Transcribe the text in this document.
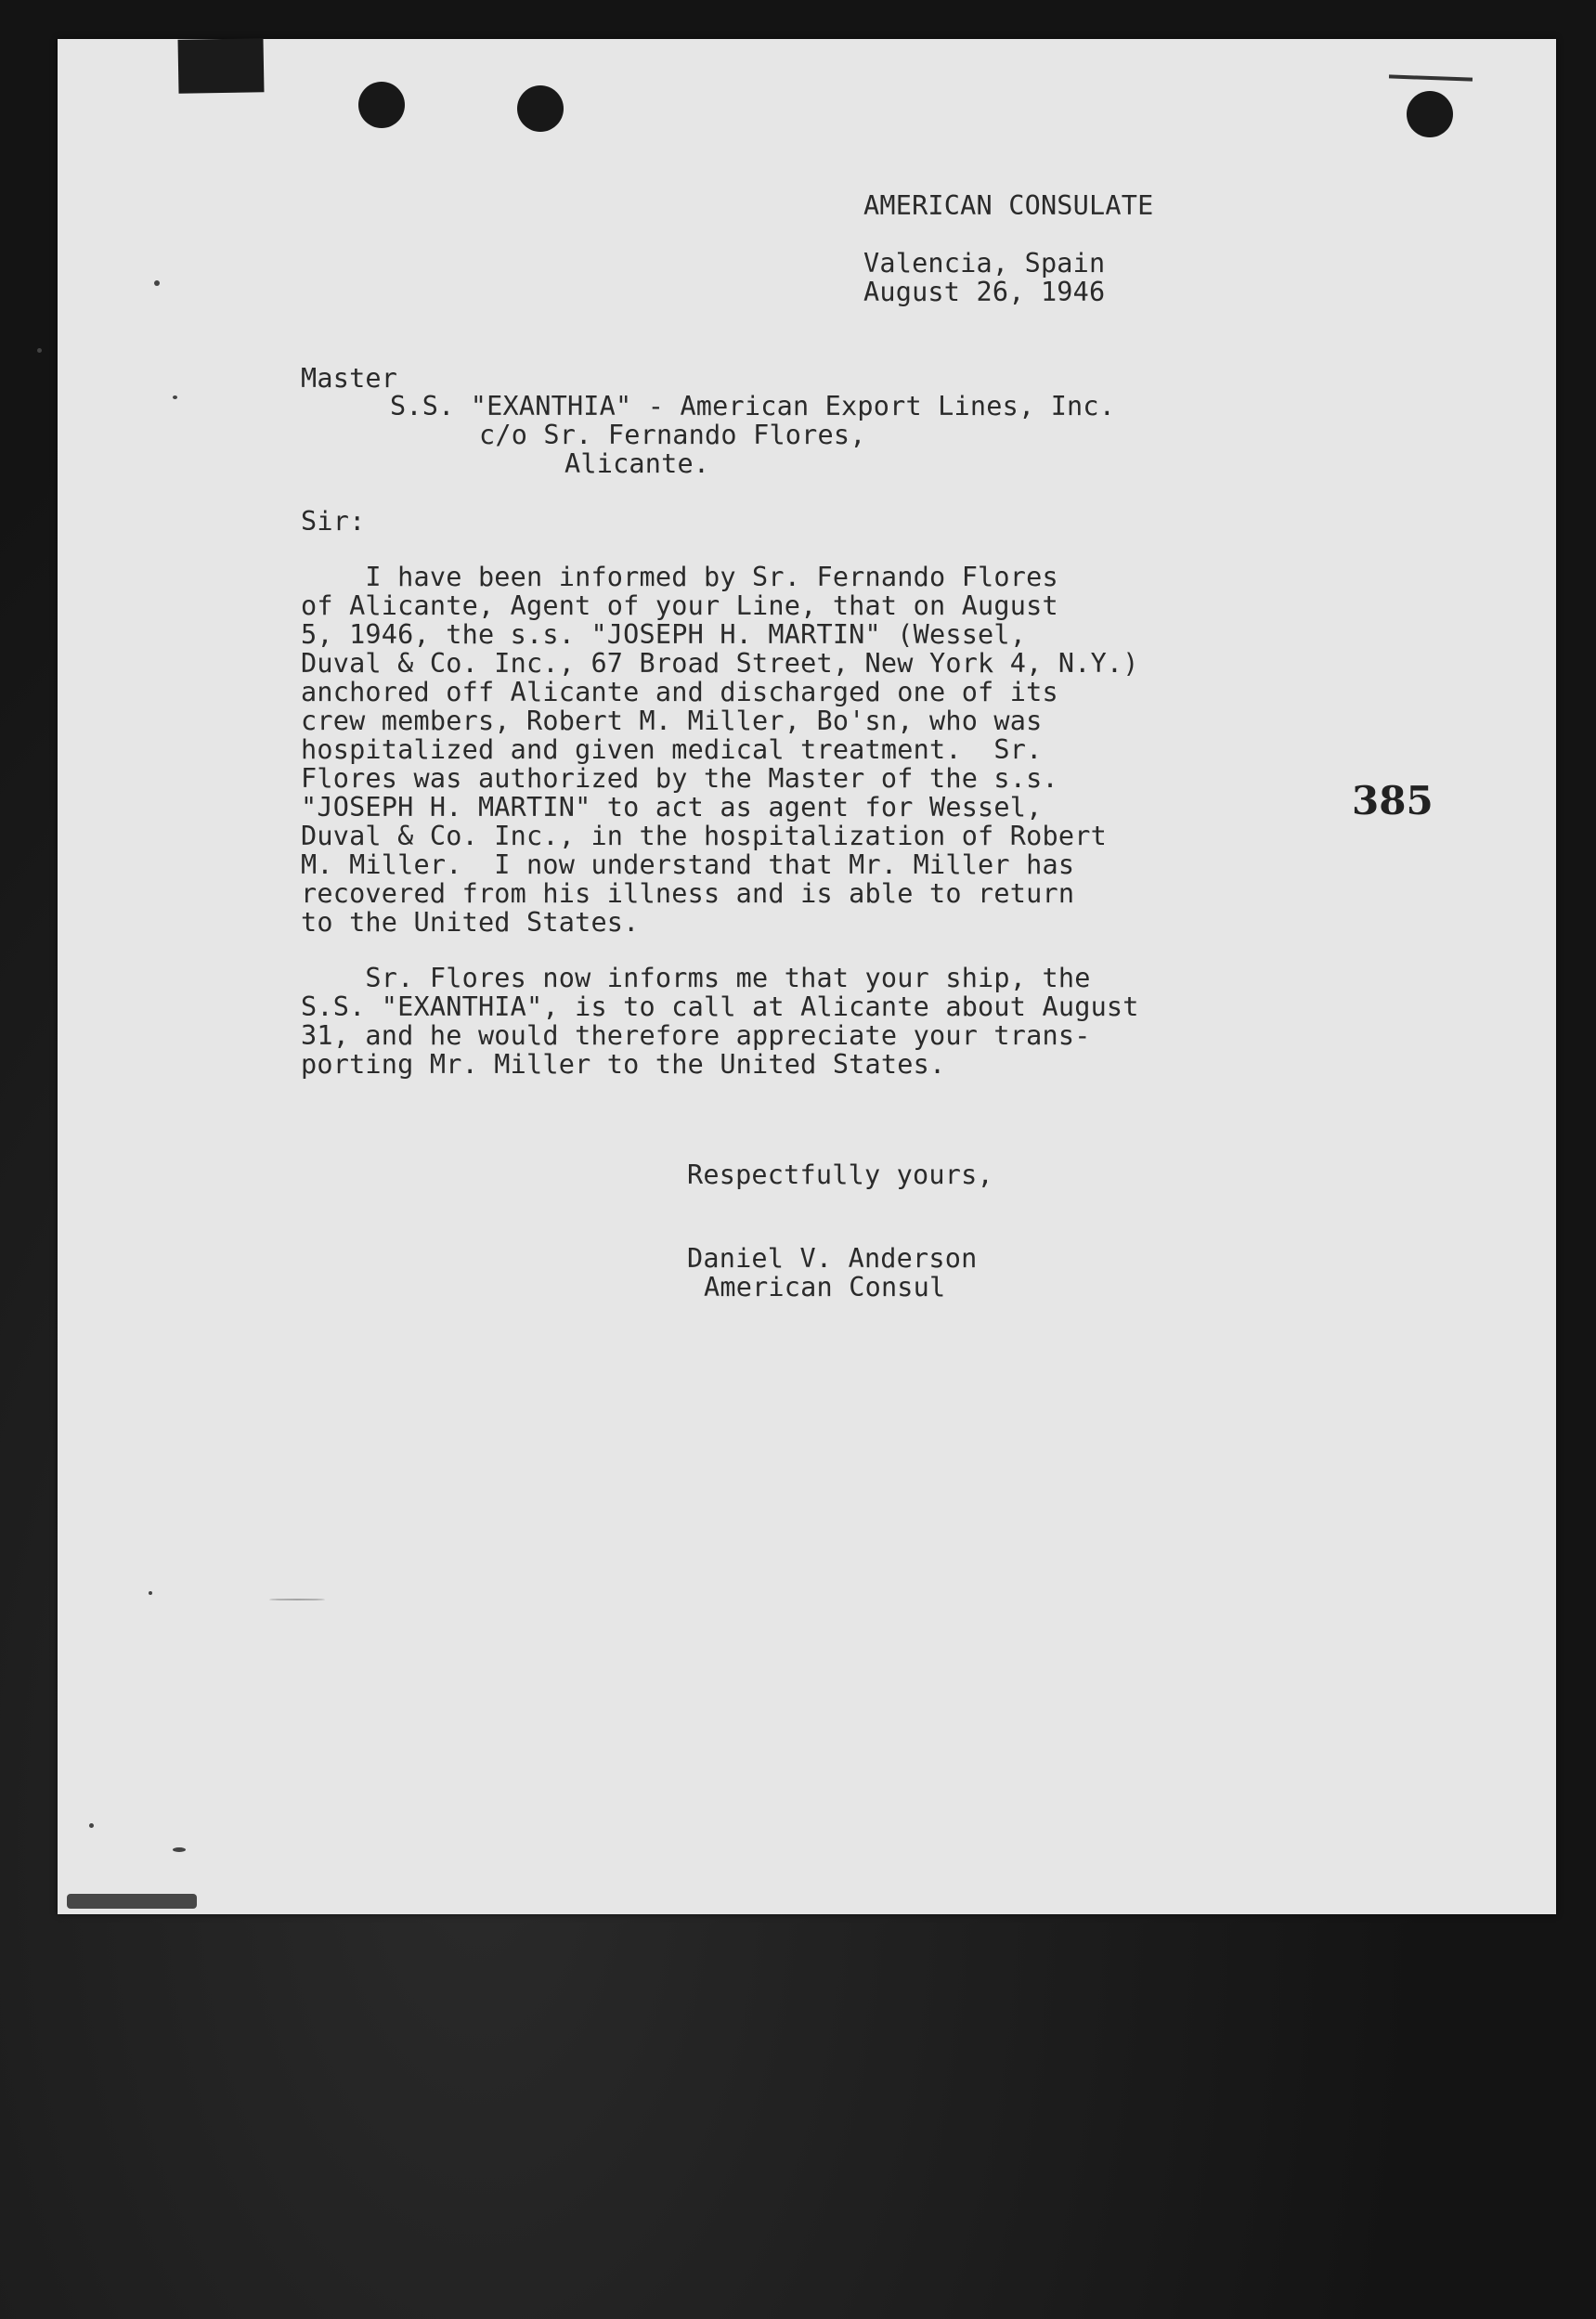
AMERICAN CONSULATE
Valencia, Spain
August 26, 1946
Master
S.S. "EXANTHIA" - American Export Lines, Inc.
c/o Sr. Fernando Flores,
Alicante.
Sir:
I have been informed by Sr. Fernando Flores
of Alicante, Agent of your Line, that on August
5, 1946, the s.s. "JOSEPH H. MARTIN" (Wessel,
Duval & Co. Inc., 67 Broad Street, New York 4, N.Y.)
anchored off Alicante and discharged one of its
crew members, Robert M. Miller, Bo'sn, who was
hospitalized and given medical treatment.  Sr.
Flores was authorized by the Master of the s.s.
"JOSEPH H. MARTIN" to act as agent for Wessel,
Duval & Co. Inc., in the hospitalization of Robert
M. Miller.  I now understand that Mr. Miller has
recovered from his illness and is able to return
to the United States.
Sr. Flores now informs me that your ship, the
S.S. "EXANTHIA", is to call at Alicante about August
31, and he would therefore appreciate your trans-
porting Mr. Miller to the United States.
Respectfully yours,
Daniel V. Anderson
American Consul
385
